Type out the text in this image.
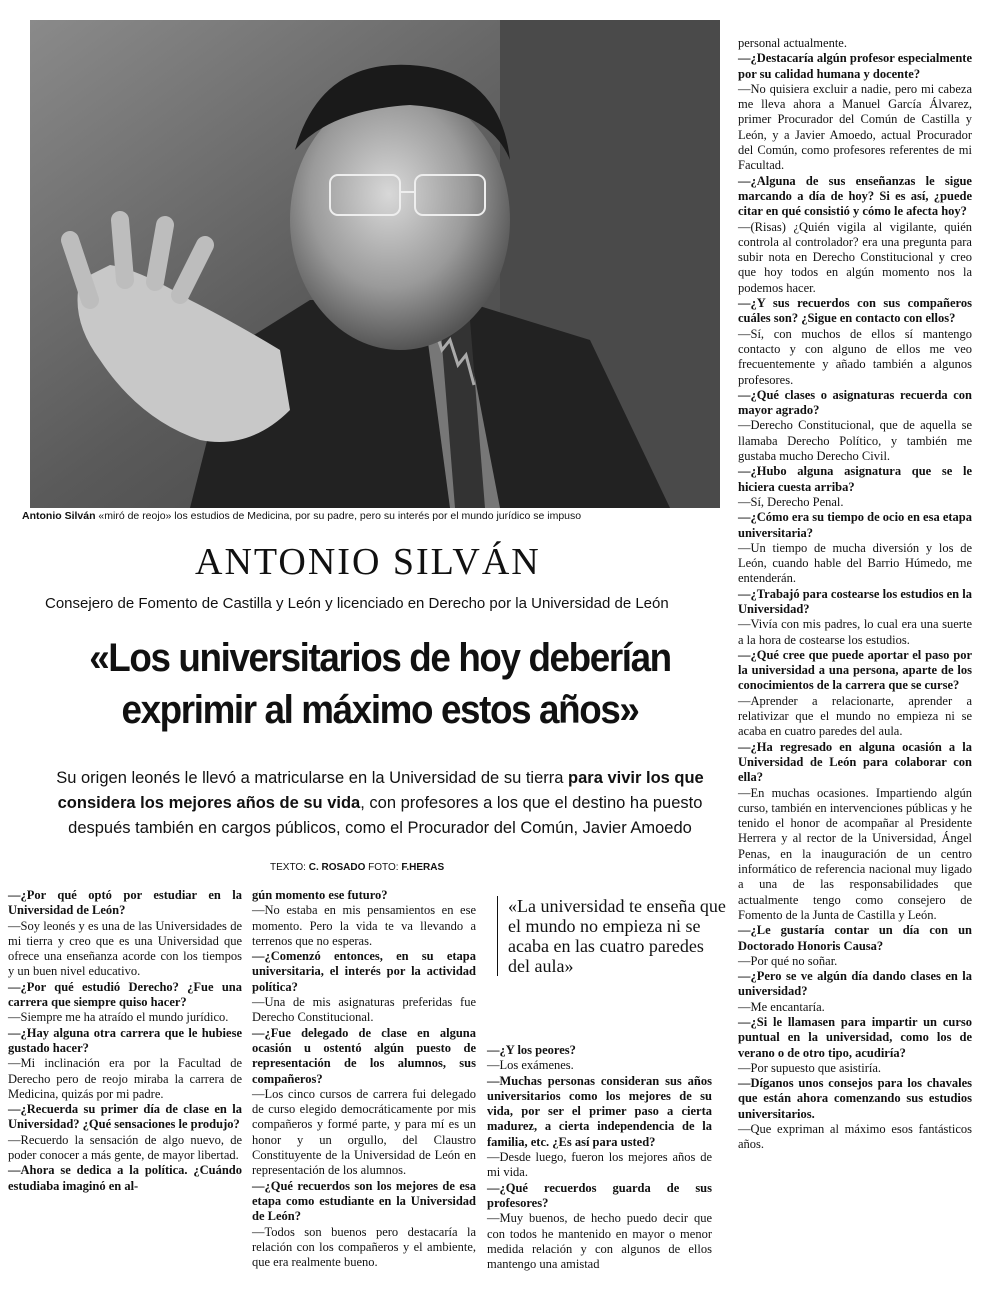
Antonio Silván «miró de reojo» los estudios de Medicina, por su padre, pero su interés por el mundo jurídico se impuso
ANTONIO SILVÁN
Consejero de Fomento de Castilla y León y licenciado en Derecho por la Universidad de León
«Los universitarios de hoy deberían
exprimir al máximo estos años»
Su origen leonés le llevó a matricularse en la Universidad de su tierra para vivir los que
considera los mejores años de su vida, con profesores a los que el destino ha puesto
después también en cargos públicos, como el Procurador del Común, Javier Amoedo
TEXTO: C. ROSADO FOTO: F.HERAS

—¿Por qué optó por estudiar en la Universidad de León?

—Soy leonés y es una de las Universidades de mi tierra y creo que es una Universidad que ofrece una enseñanza acorde con los tiempos y un buen nivel educativo.

—¿Por qué estudió Derecho? ¿Fue una carrera que siempre quiso hacer?

—Siempre me ha atraído el mundo jurídico.

—¿Hay alguna otra carrera que le hubiese gustado hacer?

—Mi inclinación era por la Facultad de Derecho pero de reojo miraba la carrera de Medicina, quizás por mi padre.

—¿Recuerda su primer día de clase en la Universidad? ¿Qué sensaciones le produjo?

—Recuerdo la sensación de algo nuevo, de poder conocer a más gente, de mayor libertad.

—Ahora se dedica a la política. ¿Cuándo estudiaba imaginó en al-

gún momento ese futuro?

—No estaba en mis pensamientos en ese momento. Pero la vida te va llevando a terrenos que no esperas.

—¿Comenzó entonces, en su etapa universitaria, el interés por la actividad política?

—Una de mis asignaturas preferidas fue Derecho Constitucional.

—¿Fue delegado de clase en alguna ocasión u ostentó algún puesto de representación de los alumnos, sus compañeros?

—Los cinco cursos de carrera fui delegado de curso elegido democráticamente por mis compañeros y formé parte, y para mí es un honor y un orgullo, del Claustro Constituyente de la Universidad de León en representación de los alumnos.

—¿Qué recuerdos son los mejores de esa etapa como estudiante en la Universidad de León?

—Todos son buenos pero destacaría la relación con los compañeros y el ambiente, que era realmente bueno.

«La universidad te enseña que el mundo no empieza ni se acaba en las cuatro paredes del aula»

—¿Y los peores?

—Los exámenes.

—Muchas personas consideran sus años universitarios como los mejores de su vida, por ser el primer paso a cierta madurez, a cierta independencia de la familia, etc. ¿Es así para usted?

—Desde luego, fueron los mejores años de mi vida.

—¿Qué recuerdos guarda de sus profesores?

—Muy buenos, de hecho puedo decir que con todos he mantenido en mayor o menor medida relación y con algunos de ellos mantengo una amistad

personal actualmente.

—¿Destacaría algún profesor especialmente por su calidad humana y docente?

—No quisiera excluir a nadie, pero mi cabeza me lleva ahora a Manuel García Álvarez, primer Procurador del Común de Castilla y León, y a Javier Amoedo, actual Procurador del Común, como profesores referentes de mi Facultad.

—¿Alguna de sus enseñanzas le sigue marcando a día de hoy? Si es así, ¿puede citar en qué consistió y cómo le afecta hoy?

—(Risas) ¿Quién vigila al vigilante, quién controla al controlador? era una pregunta para subir nota en Derecho Constitucional y creo que hoy todos en algún momento nos la podemos hacer.

—¿Y sus recuerdos con sus compañeros cuáles son? ¿Sigue en contacto con ellos?

—Sí, con muchos de ellos sí mantengo contacto y con alguno de ellos me veo frecuentemente y añado también a algunos profesores.

—¿Qué clases o asignaturas recuerda con mayor agrado?

—Derecho Constitucional, que de aquella se llamaba Derecho Político, y también me gustaba mucho Derecho Civil.

—¿Hubo alguna asignatura que se le hiciera cuesta arriba?

—Sí, Derecho Penal.

—¿Cómo era su tiempo de ocio en esa etapa universitaria?

—Un tiempo de mucha diversión y los de León, cuando hable del Barrio Húmedo, me entenderán.

—¿Trabajó para costearse los estudios en la Universidad?

—Vivía con mis padres, lo cual era una suerte a la hora de costearse los estudios.

—¿Qué cree que puede aportar el paso por la universidad a una persona, aparte de los conocimientos de la carrera que se curse?

—Aprender a relacionarte, aprender a relativizar que el mundo no empieza ni se acaba en cuatro paredes del aula.

—¿Ha regresado en alguna ocasión a la Universidad de León para colaborar con ella?

—En muchas ocasiones. Impartiendo algún curso, también en intervenciones públicas y he tenido el honor de acompañar al Presidente Herrera y al rector de la Universidad, Ángel Penas, en la inauguración de un centro informático de referencia nacional muy ligado a una de las responsabilidades que actualmente tengo como consejero de Fomento de la Junta de Castilla y León.

—¿Le gustaría contar un día con un Doctorado Honoris Causa?

—Por qué no soñar.

—¿Pero se ve algún día dando clases en la universidad?

—Me encantaría.

—¿Si le llamasen para impartir un curso puntual en la universidad, como los de verano o de otro tipo, acudiría?

—Por supuesto que asistiría.

—Díganos unos consejos para los chavales que están ahora comenzando sus estudios universitarios.

—Que expriman al máximo esos fantásticos años.
